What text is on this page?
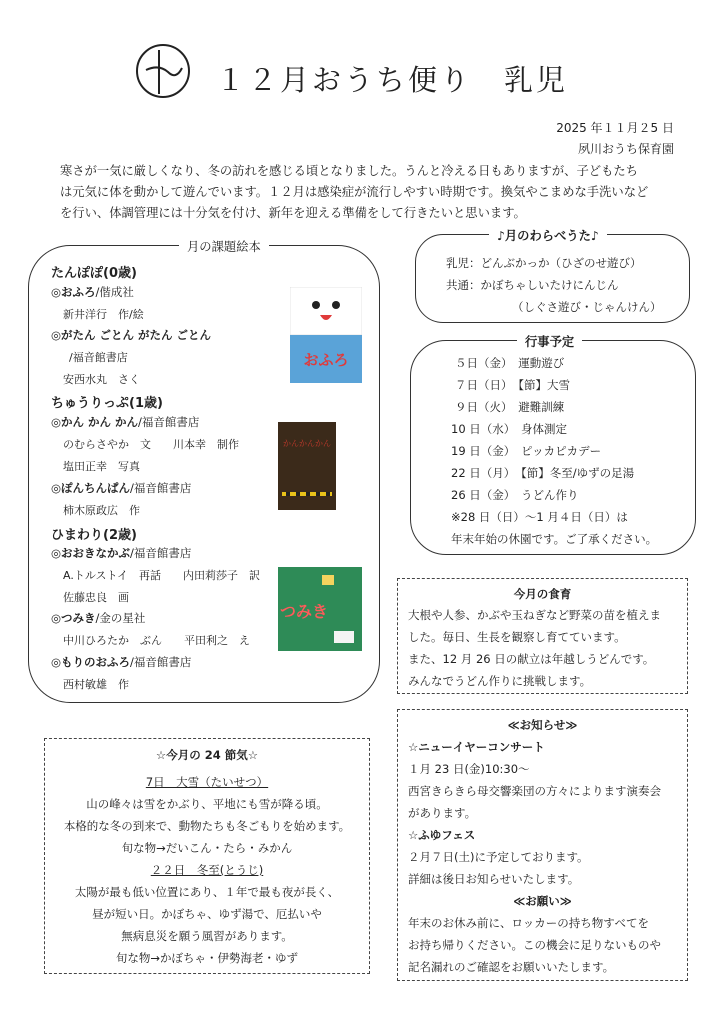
１２月おうち便り　乳児
2025 年１１月２5 日
夙川おうち保育園
寒さが一気に厳しくなり、冬の訪れを感じる頃となりました。うんと冷える日もありますが、子どもたち
は元気に体を動かして遊んでいます。１２月は感染症が流行しやすい時期です。換気やこまめな手洗いなど
を行い、体調管理には十分気を付け、新年を迎える準備をして行きたいと思います。
月の課題絵本
たんぽぽ(0歳)
◎おふろ/偕成社
新井洋行　作/絵
◎がたん ごとん がたん ごとん
/福音館書店
安西水丸　さく
ちゅうりっぷ(1歳)
◎かん かん かん/福音館書店
のむらさやか　文　　川本幸　制作
塩田正幸　写真
◎ぽんちんぱん/福音館書店
柿木原政広　作
ひまわり(2歳)
◎おおきなかぶ/福音館書店
A.トルストイ　再話　　内田莉莎子　訳
佐藤忠良　画
◎つみき/金の星社
中川ひろたか　ぶん　　平田利之　え
◎もりのおふろ/福音館書店
西村敏雄　作
おふろ
かんかんかん
つみき
♪月のわらべうた♪
乳児：どんぶかっか（ひざのせ遊び）
共通：かぼちゃしいたけにんじん
（しぐさ遊び・じゃんけん）
行事予定
５日（金）　運動遊び
７日（日）　【節】大雪
９日（火）　避難訓練
10 日（水）　身体測定
19 日（金）　ピッカピカデー
22 日（月）　【節】冬至/ゆずの足湯
26 日（金）　うどん作り
※28 日（日）～1 月４日（日）は
年末年始の休園です。ご了承ください。
今月の食育
大根や人参、かぶや玉ねぎなど野菜の苗を植えま
した。毎日、生長を観察し育てています。
また、12 月 26 日の献立は年越しうどんです。
みんなでうどん作りに挑戦します。
≪お知らせ≫
☆ニューイヤーコンサート
１月 23 日(金)10:30～
西宮きらきら母交響楽団の方々によります演奏会
があります。
☆ふゆフェス
２月７日(土)に予定しております。
詳細は後日お知らせいたします。
≪お願い≫
年末のお休み前に、ロッカーの持ち物すべてを
お持ち帰りください。この機会に足りないものや
記名漏れのご確認をお願いいたします。
☆今月の 24 節気☆
7日　大雪（たいせつ）
山の峰々は雪をかぶり、平地にも雪が降る頃。
本格的な冬の到来で、動物たちも冬ごもりを始めます。
旬な物→だいこん・たら・みかん
２２日　冬至(とうじ)
太陽が最も低い位置にあり、１年で最も夜が長く、
昼が短い日。かぼちゃ、ゆず湯で、厄払いや
無病息災を願う風習があります。
旬な物→かぼちゃ・伊勢海老・ゆず
